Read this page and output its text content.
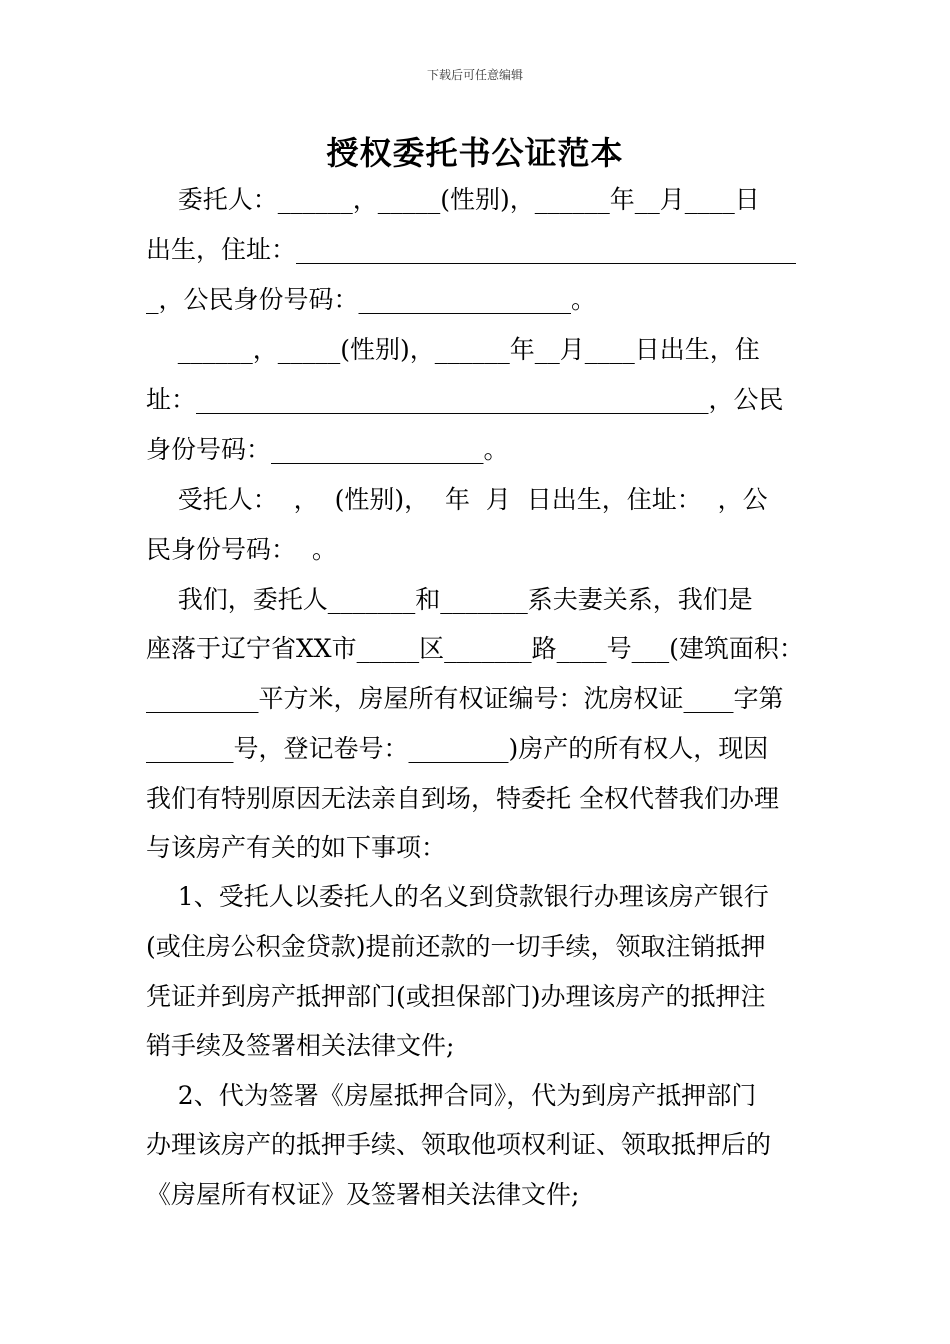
下载后可任意编辑
授权委托书公证范本
委托人：______，_____(性别)，______年__月____日
出生，住址：________________________________________
_，公民身份号码：_________________。
______，_____(性别)，______年__月____日出生，住
址：_________________________________________，公民
身份号码：_________________。
受托人：  ，  (性别)，  年  月  日出生，住址：  ，公
民身份号码：  。
我们，委托人_______和_______系夫妻关系，我们是
座落于辽宁省XX市_____区_______路____号___(建筑面积：
_________平方米，房屋所有权证编号：沈房权证____字第
_______号，登记卷号：________)房产的所有权人，现因
我们有特别原因无法亲自到场，特委托 全权代替我们办理
与该房产有关的如下事项：
1、受托人以委托人的名义到贷款银行办理该房产银行
(或住房公积金贷款)提前还款的一切手续，领取注销抵押
凭证并到房产抵押部门(或担保部门)办理该房产的抵押注
销手续及签署相关法律文件;
2、代为签署《房屋抵押合同》，代为到房产抵押部门
办理该房产的抵押手续、领取他项权利证、领取抵押后的
《房屋所有权证》及签署相关法律文件;
